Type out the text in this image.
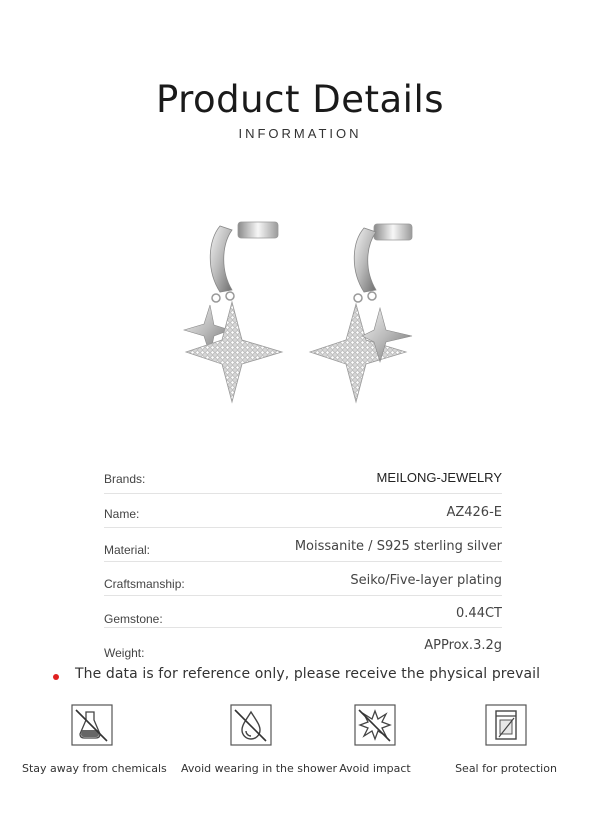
Product Details
INFORMATION
Brands:	MEILONG-JEWELRY
Name:	AZ426-E
Material:	Moissanite / S925 sterling silver
Craftsmanship:	Seiko/Five-layer plating
Gemstone:	0.44CT
Weight:	APProx.3.2g
The data is for reference only, please receive the physical prevail
Stay away from chemicals Avoid wearing in the shower Avoid impact	Seal for protection
